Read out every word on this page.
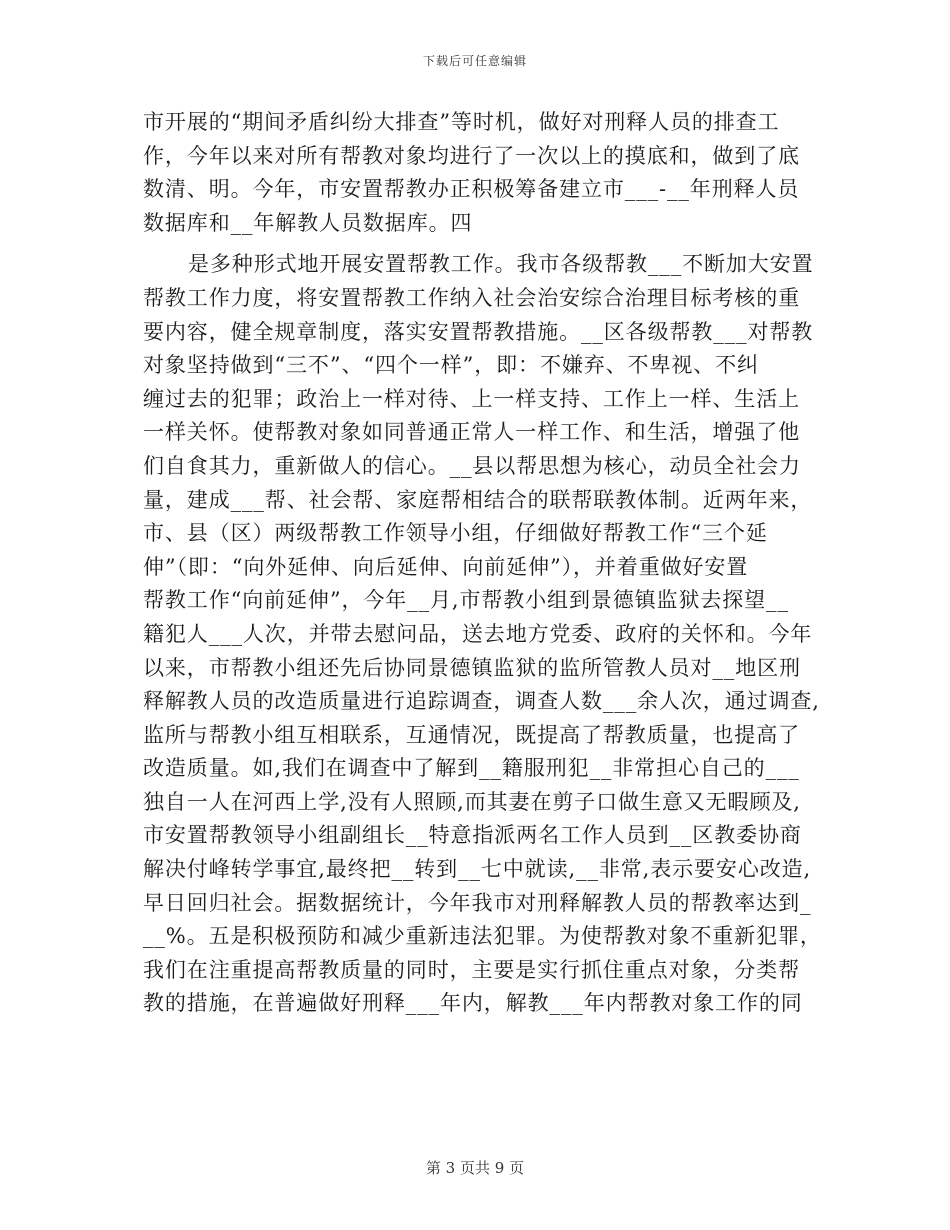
下载后可任意编辑
市开展的“期间矛盾纠纷大排查”等时机，做好对刑释人员的排查工
作，今年以来对所有帮教对象均进行了一次以上的摸底和，做到了底
数清、明。今年，市安置帮教办正积极筹备建立市___-__年刑释人员
数据库和__年解教人员数据库。四
是多种形式地开展安置帮教工作。我市各级帮教___不断加大安置
帮教工作力度，将安置帮教工作纳入社会治安综合治理目标考核的重
要内容，健全规章制度，落实安置帮教措施。__区各级帮教___对帮教
对象坚持做到“三不”、“四个一样”，即：不嫌弃、不卑视、不纠
缠过去的犯罪；政治上一样对待、上一样支持、工作上一样、生活上
一样关怀。使帮教对象如同普通正常人一样工作、和生活，增强了他
们自食其力，重新做人的信心。__县以帮思想为核心，动员全社会力
量，建成___帮、社会帮、家庭帮相结合的联帮联教体制。近两年来，
市、县（区）两级帮教工作领导小组，仔细做好帮教工作“三个延
伸”（即：“向外延伸、向后延伸、向前延伸”），并着重做好安置
帮教工作“向前延伸”，今年__月,市帮教小组到景德镇监狱去探望__
籍犯人___人次，并带去慰问品，送去地方党委、政府的关怀和。今年
以来，市帮教小组还先后协同景德镇监狱的监所管教人员对__地区刑
释解教人员的改造质量进行追踪调查，调查人数___余人次，通过调查,
监所与帮教小组互相联系，互通情况，既提高了帮教质量，也提高了
改造质量。如,我们在调查中了解到__籍服刑犯__非常担心自己的___
独自一人在河西上学,没有人照顾,而其妻在剪子口做生意又无暇顾及,
市安置帮教领导小组副组长__特意指派两名工作人员到__区教委协商
解决付峰转学事宜,最终把__转到__七中就读,__非常,表示要安心改造,
早日回归社会。据数据统计，今年我市对刑释解教人员的帮教率达到_
__%。五是积极预防和减少重新违法犯罪。为使帮教对象不重新犯罪，
我们在注重提高帮教质量的同时，主要是实行抓住重点对象，分类帮
教的措施，在普遍做好刑释___年内，解教___年内帮教对象工作的同
第 3 页共 9 页
